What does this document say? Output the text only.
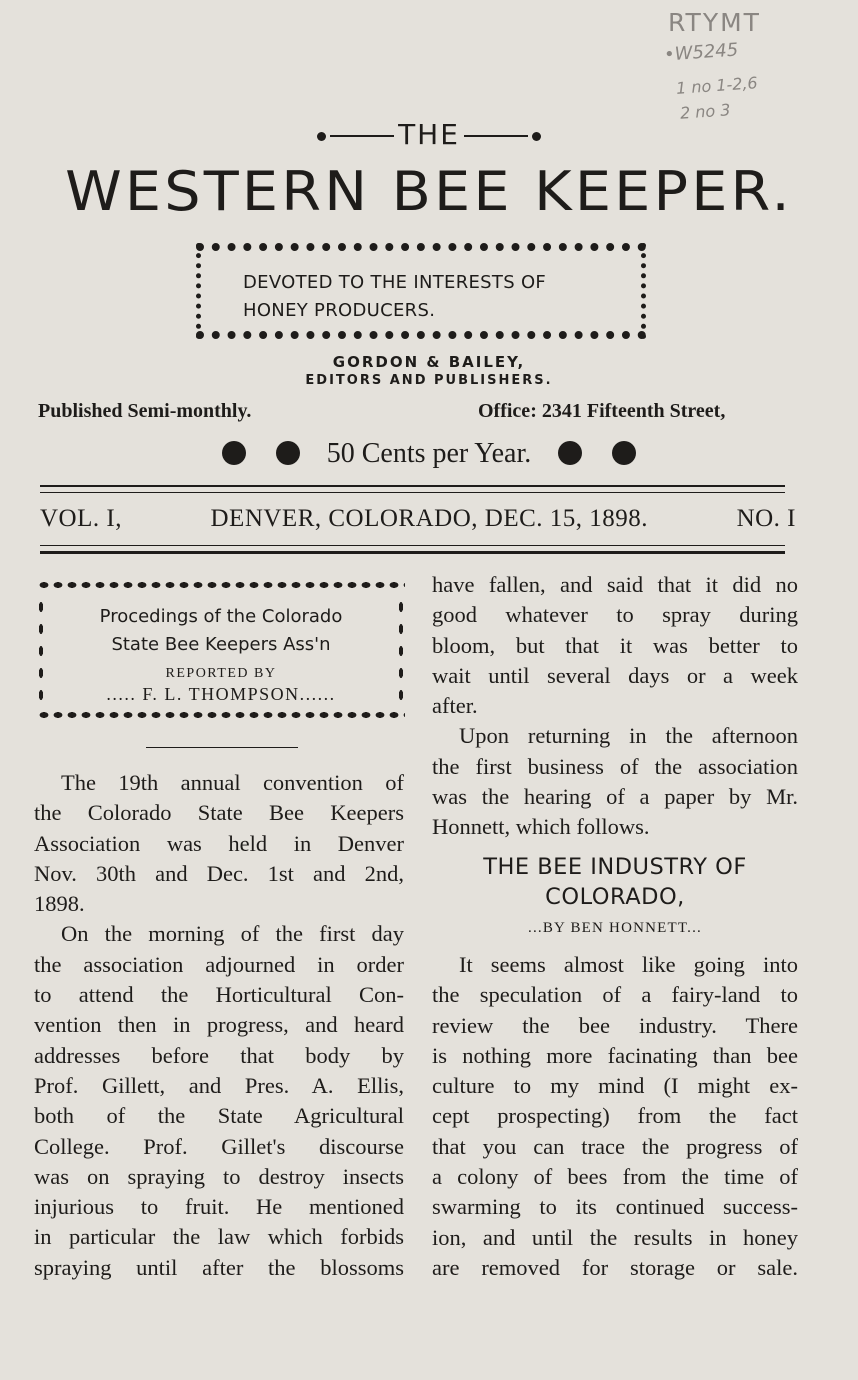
RTYMT
•W5245
1 no 1-2,6
2 no 3
THE
WESTERN BEE KEEPER.
DEVOTED TO THE INTERESTS OF
HONEY PRODUCERS.
GORDON & BAILEY,
EDITORS AND PUBLISHERS.
Published Semi-monthly.	Office: 2341 Fifteenth Street,
50 Cents per Year.
VOL. I,	DENVER, COLORADO, DEC. 15, 1898.	NO. I
Procedings of the Colorado
State Bee Keepers Ass'n
REPORTED BY
..... F. L. THOMPSON......

The 19th annual convention of

the Colorado State Bee Keepers

Association was held in Denver

Nov. 30th and Dec. 1st and 2nd,

1898.

On the morning of the first day

the association adjourned in order

to attend the Horticultural Con-

vention then in progress, and heard

addresses before that body by

Prof. Gillett, and Pres. A. Ellis,

both of the State Agricultural

College. Prof. Gillet's discourse

was on spraying to destroy insects

injurious to fruit. He mentioned

in particular the law which forbids

spraying until after the blossoms

have fallen, and said that it did no

good whatever to spray during

bloom, but that it was better to

wait until several days or a week

after.

Upon returning in the afternoon

the first business of the association

was the hearing of a paper by Mr.

Honnett, which follows.

THE BEE INDUSTRY OF
COLORADO,
...BY BEN HONNETT...

It seems almost like going into

the speculation of a fairy-land to

review the bee industry. There

is nothing more facinating than bee

culture to my mind (I might ex-

cept prospecting) from the fact

that you can trace the progress of

a colony of bees from the time of

swarming to its continued success-

ion, and until the results in honey

are removed for storage or sale.
